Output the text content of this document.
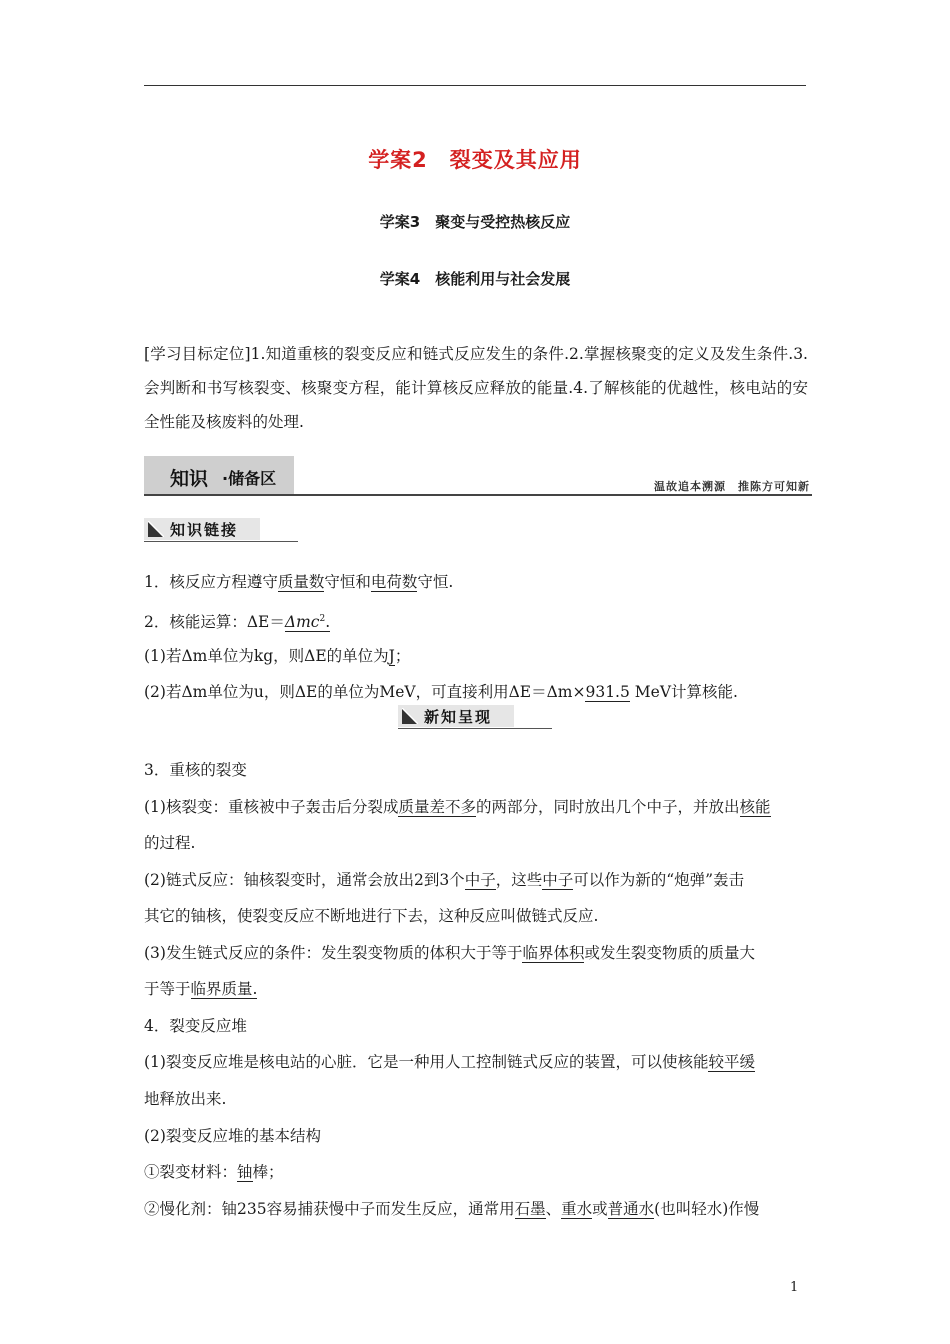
学案2　裂变及其应用
学案3　聚变与受控热核反应
学案4　核能利用与社会发展
[学习目标定位]1.知道重核的裂变反应和链式反应发生的条件.2.掌握核聚变的定义及发生条件.3.会判断和书写核裂变、核聚变方程，能计算核反应释放的能量.4.了解核能的优越性，核电站的安全性能及核废料的处理.
知识 ·储备区	温故追本溯源　推陈方可知新
知识链接
1．核反应方程遵守质量数守恒和电荷数守恒.
2．核能运算：ΔE＝Δmc$^2$.
(1)若Δm单位为kg，则ΔE的单位为J；
(2)若Δm单位为u，则ΔE的单位为MeV，可直接利用ΔE＝Δm×931.5 MeV计算核能.
新知呈现
3．重核的裂变
(1)核裂变：重核被中子轰击后分裂成质量差不多的两部分，同时放出几个中子，并放出核能
的过程.
(2)链式反应：铀核裂变时，通常会放出2到3个中子，这些中子可以作为新的“炮弹”轰击
其它的铀核，使裂变反应不断地进行下去，这种反应叫做链式反应.
(3)发生链式反应的条件：发生裂变物质的体积大于等于临界体积或发生裂变物质的质量大
于等于临界质量.
4．裂变反应堆
(1)裂变反应堆是核电站的心脏．它是一种用人工控制链式反应的装置，可以使核能较平缓
地释放出来.
(2)裂变反应堆的基本结构
①裂变材料：铀棒；
②慢化剂：铀235容易捕获慢中子而发生反应，通常用石墨、重水或普通水(也叫轻水)作慢
1
